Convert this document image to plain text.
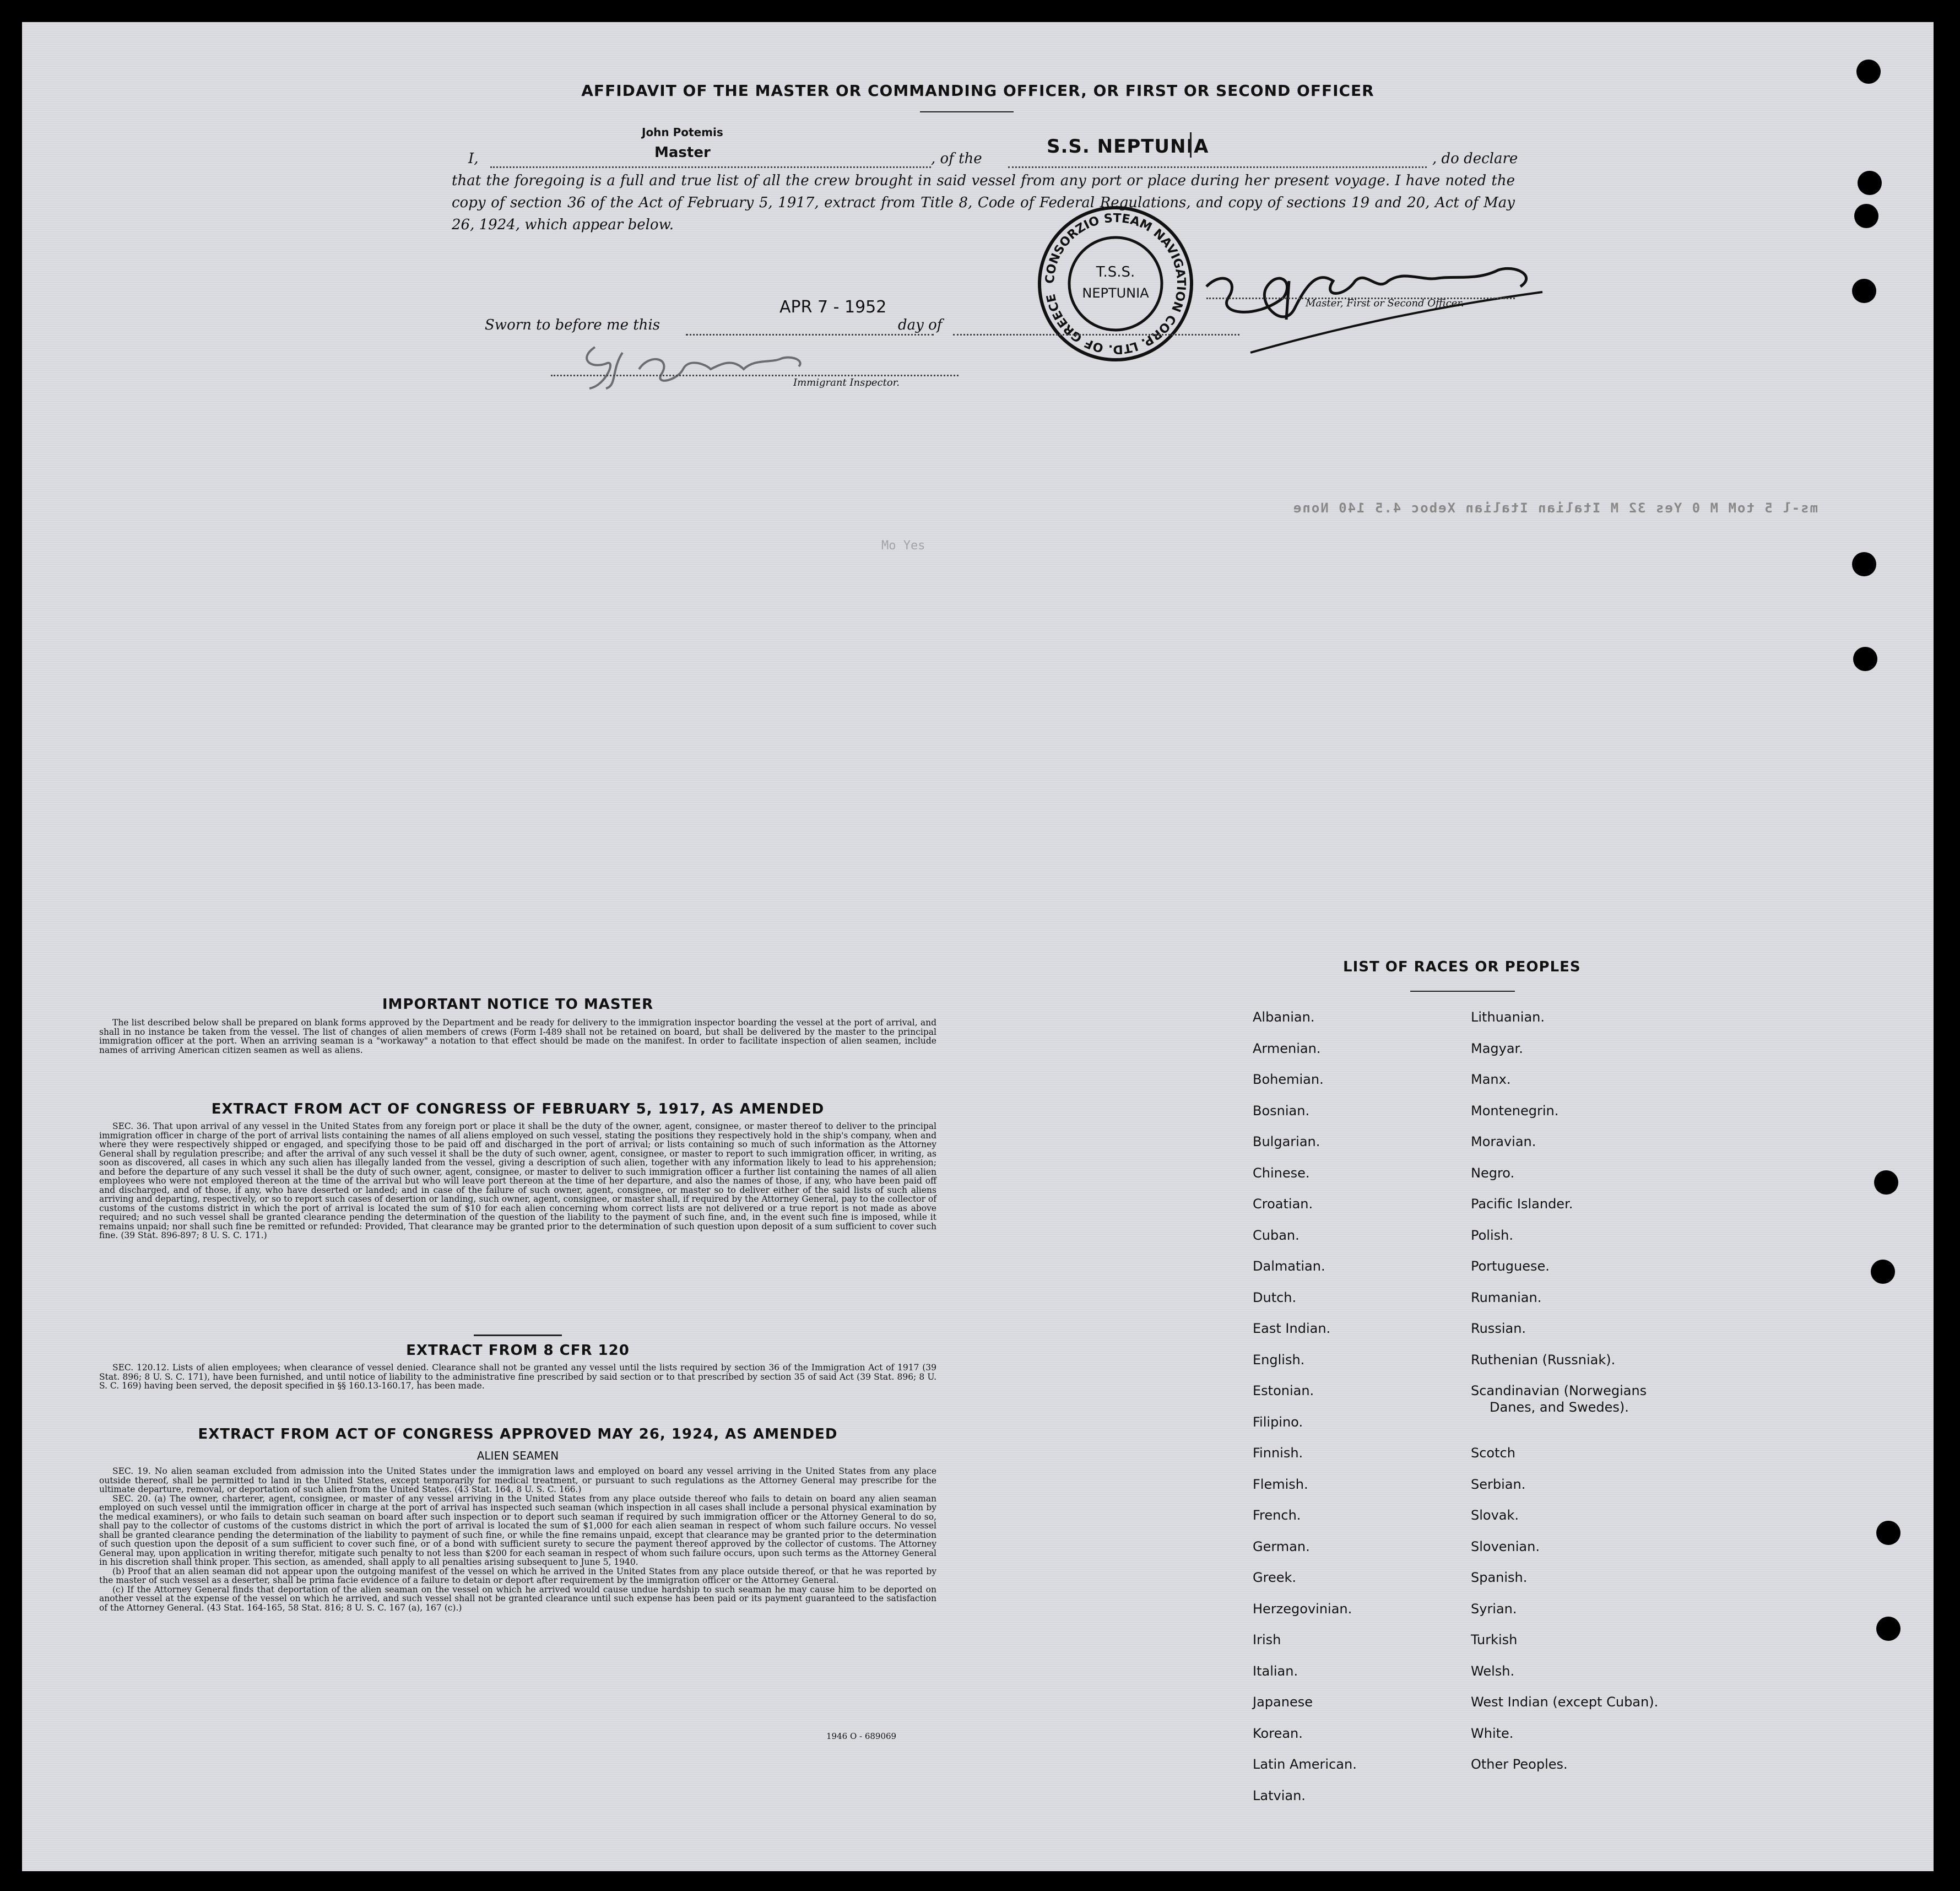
AFFIDAVIT OF THE MASTER OR COMMANDING OFFICER, OR FIRST OR SECOND OFFICER
I,
John Potemis
Master	, of the
S.S. NEPTUNIA
, do declare
that the foregoing is a full and true list of all the crew brought in said vessel from any port or place during her present voyage. I have noted the copy of section 36 of the Act of February 5, 1917, extract from Title 8, Code of Federal Regulations, and copy of sections 19 and 20, Act of May 26, 1924, which appear below.
CONSORZIO STEAM NAVIGATION CORP. LTD. OF GREECE
T.S.S.
NEPTUNIA
Master, First or Second Officer.
Sworn to before me this
APR 7 - 1952
day of
Immigrant Inspector.
ms-l 5 toM M 0 Yes 32 M Italian Italian Xeboc 4.5 140 None
Mo Yes
IMPORTANT NOTICE TO MASTER

The list described below shall be prepared on blank forms approved by the Department and be ready for delivery to the immigration inspector boarding the vessel at the port of arrival, and shall in no instance be taken from the vessel. The list of changes of alien members of crews (Form I-489 shall not be retained on board, but shall be delivered by the master to the principal immigration officer at the port. When an arriving seaman is a "workaway" a notation to that effect should be made on the manifest. In order to facilitate inspection of alien seamen, include names of arriving American citizen seamen as well as aliens.

EXTRACT FROM ACT OF CONGRESS OF FEBRUARY 5, 1917, AS AMENDED

SEC. 36. That upon arrival of any vessel in the United States from any foreign port or place it shall be the duty of the owner, agent, consignee, or master thereof to deliver to the principal immigration officer in charge of the port of arrival lists containing the names of all aliens employed on such vessel, stating the positions they respectively hold in the ship's company, when and where they were respectively shipped or engaged, and specifying those to be paid off and discharged in the port of arrival; or lists containing so much of such information as the Attorney General shall by regulation prescribe; and after the arrival of any such vessel it shall be the duty of such owner, agent, consignee, or master to report to such immigration officer, in writing, as soon as discovered, all cases in which any such alien has illegally landed from the vessel, giving a description of such alien, together with any information likely to lead to his apprehension; and before the departure of any such vessel it shall be the duty of such owner, agent, consignee, or master to deliver to such immigration officer a further list containing the names of all alien employees who were not employed thereon at the time of the arrival but who will leave port thereon at the time of her departure, and also the names of those, if any, who have been paid off and discharged, and of those, if any, who have deserted or landed; and in case of the failure of such owner, agent, consignee, or master so to deliver either of the said lists of such aliens arriving and departing, respectively, or so to report such cases of desertion or landing, such owner, agent, consignee, or master shall, if required by the Attorney General, pay to the collector of customs of the customs district in which the port of arrival is located the sum of $10 for each alien concerning whom correct lists are not delivered or a true report is not made as above required; and no such vessel shall be granted clearance pending the determination of the question of the liability to the payment of such fine, and, in the event such fine is imposed, while it remains unpaid; nor shall such fine be remitted or refunded: Provided, That clearance may be granted prior to the determination of such question upon deposit of a sum sufficient to cover such fine. (39 Stat. 896-897; 8 U. S. C. 171.)

EXTRACT FROM 8 CFR 120

SEC. 120.12. Lists of alien employees; when clearance of vessel denied. Clearance shall not be granted any vessel until the lists required by section 36 of the Immigration Act of 1917 (39 Stat. 896; 8 U. S. C. 171), have been furnished, and until notice of liability to the administrative fine prescribed by said section or to that prescribed by section 35 of said Act (39 Stat. 896; 8 U. S. C. 169) having been served, the deposit specified in §§ 160.13-160.17, has been made.

EXTRACT FROM ACT OF CONGRESS APPROVED MAY 26, 1924, AS AMENDED
ALIEN SEAMEN

SEC. 19. No alien seaman excluded from admission into the United States under the immigration laws and employed on board any vessel arriving in the United States from any place outside thereof, shall be permitted to land in the United States, except temporarily for medical treatment, or pursuant to such regulations as the Attorney General may prescribe for the ultimate departure, removal, or deportation of such alien from the United States. (43 Stat. 164, 8 U. S. C. 166.)

SEC. 20. (a) The owner, charterer, agent, consignee, or master of any vessel arriving in the United States from any place outside thereof who fails to detain on board any alien seaman employed on such vessel until the immigration officer in charge at the port of arrival has inspected such seaman (which inspection in all cases shall include a personal physical examination by the medical examiners), or who fails to detain such seaman on board after such inspection or to deport such seaman if required by such immigration officer or the Attorney General to do so, shall pay to the collector of customs of the customs district in which the port of arrival is located the sum of $1,000 for each alien seaman in respect of whom such failure occurs. No vessel shall be granted clearance pending the determination of the liability to payment of such fine, or while the fine remains unpaid, except that clearance may be granted prior to the determination of such question upon the deposit of a sum sufficient to cover such fine, or of a bond with sufficient surety to secure the payment thereof approved by the collector of customs. The Attorney General may, upon application in writing therefor, mitigate such penalty to not less than $200 for each seaman in respect of whom such failure occurs, upon such terms as the Attorney General in his discretion shall think proper. This section, as amended, shall apply to all penalties arising subsequent to June 5, 1940.

(b) Proof that an alien seaman did not appear upon the outgoing manifest of the vessel on which he arrived in the United States from any place outside thereof, or that he was reported by the master of such vessel as a deserter, shall be prima facie evidence of a failure to detain or deport after requirement by the immigration officer or the Attorney General.

(c) If the Attorney General finds that deportation of the alien seaman on the vessel on which he arrived would cause undue hardship to such seaman he may cause him to be deported on another vessel at the expense of the vessel on which he arrived, and such vessel shall not be granted clearance until such expense has been paid or its payment guaranteed to the satisfaction of the Attorney General. (43 Stat. 164-165, 58 Stat. 816; 8 U. S. C. 167 (a), 167 (c).)

1946 O - 689069
LIST OF RACES OR PEOPLES
Albanian.
Armenian.
Bohemian.
Bosnian.
Bulgarian.
Chinese.
Croatian.
Cuban.
Dalmatian.
Dutch.
East Indian.
English.
Estonian.
Filipino.
Finnish.
Flemish.
French.
German.
Greek.
Herzegovinian.
Irish
Italian.
Japanese
Korean.
Latin American.
Latvian.
Lithuanian.
Magyar.
Manx.
Montenegrin.
Moravian.
Negro.
Pacific Islander.
Polish.
Portuguese.
Rumanian.
Russian.
Ruthenian (Russniak).
Scandinavian (Norwegians
Danes, and Swedes).
Scotch
Serbian.
Slovak.
Slovenian.
Spanish.
Syrian.
Turkish
Welsh.
West Indian (except Cuban).
White.
Other Peoples.
